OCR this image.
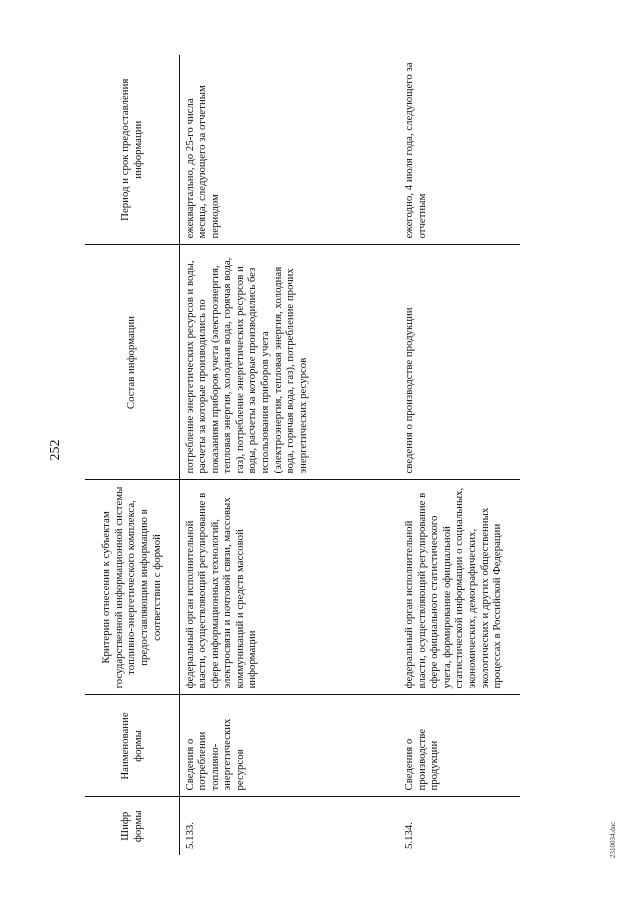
252
Шифр формы	Наименование формы	Критерии отнесения к субъектам государственной информационной системы топливно-энергетического комплекса, предоставляющим информацию в соответствии с формой	Состав информации	Период и срок предоставления информации
5.133.	Сведения о потреблении топливно-энергетических ресурсов	федеральный орган исполнительной власти, осуществляющий регулирование в сфере информационных технологий, электросвязи и почтовой связи, массовых коммуникаций и средств массовой информации	потребление энергетических ресурсов и воды, расчеты за которые производились по показаниям приборов учета (электроэнергия, тепловая энергия, холодная вода, горячая вода, газ), потребление энергетических ресурсов и воды, расчеты за которые производились без использования приборов учета (электроэнергия, тепловая энергия, холодная вода, горячая вода, газ), потребление прочих энергетических ресурсов	ежеквартально, до 25-го числа месяца, следующего за отчетным периодом
5.134.	Сведения о производстве продукции	федеральный орган исполнительной власти, осуществляющий регулирование в сфере официального статистического учета, формирование официальной статистической информации о социальных, экономических, демографических, экологических и других общественных процессах в Российской Федерации	сведения о производстве продукции	ежегодно, 4 июля года, следующего за отчетным
2310034.doc
